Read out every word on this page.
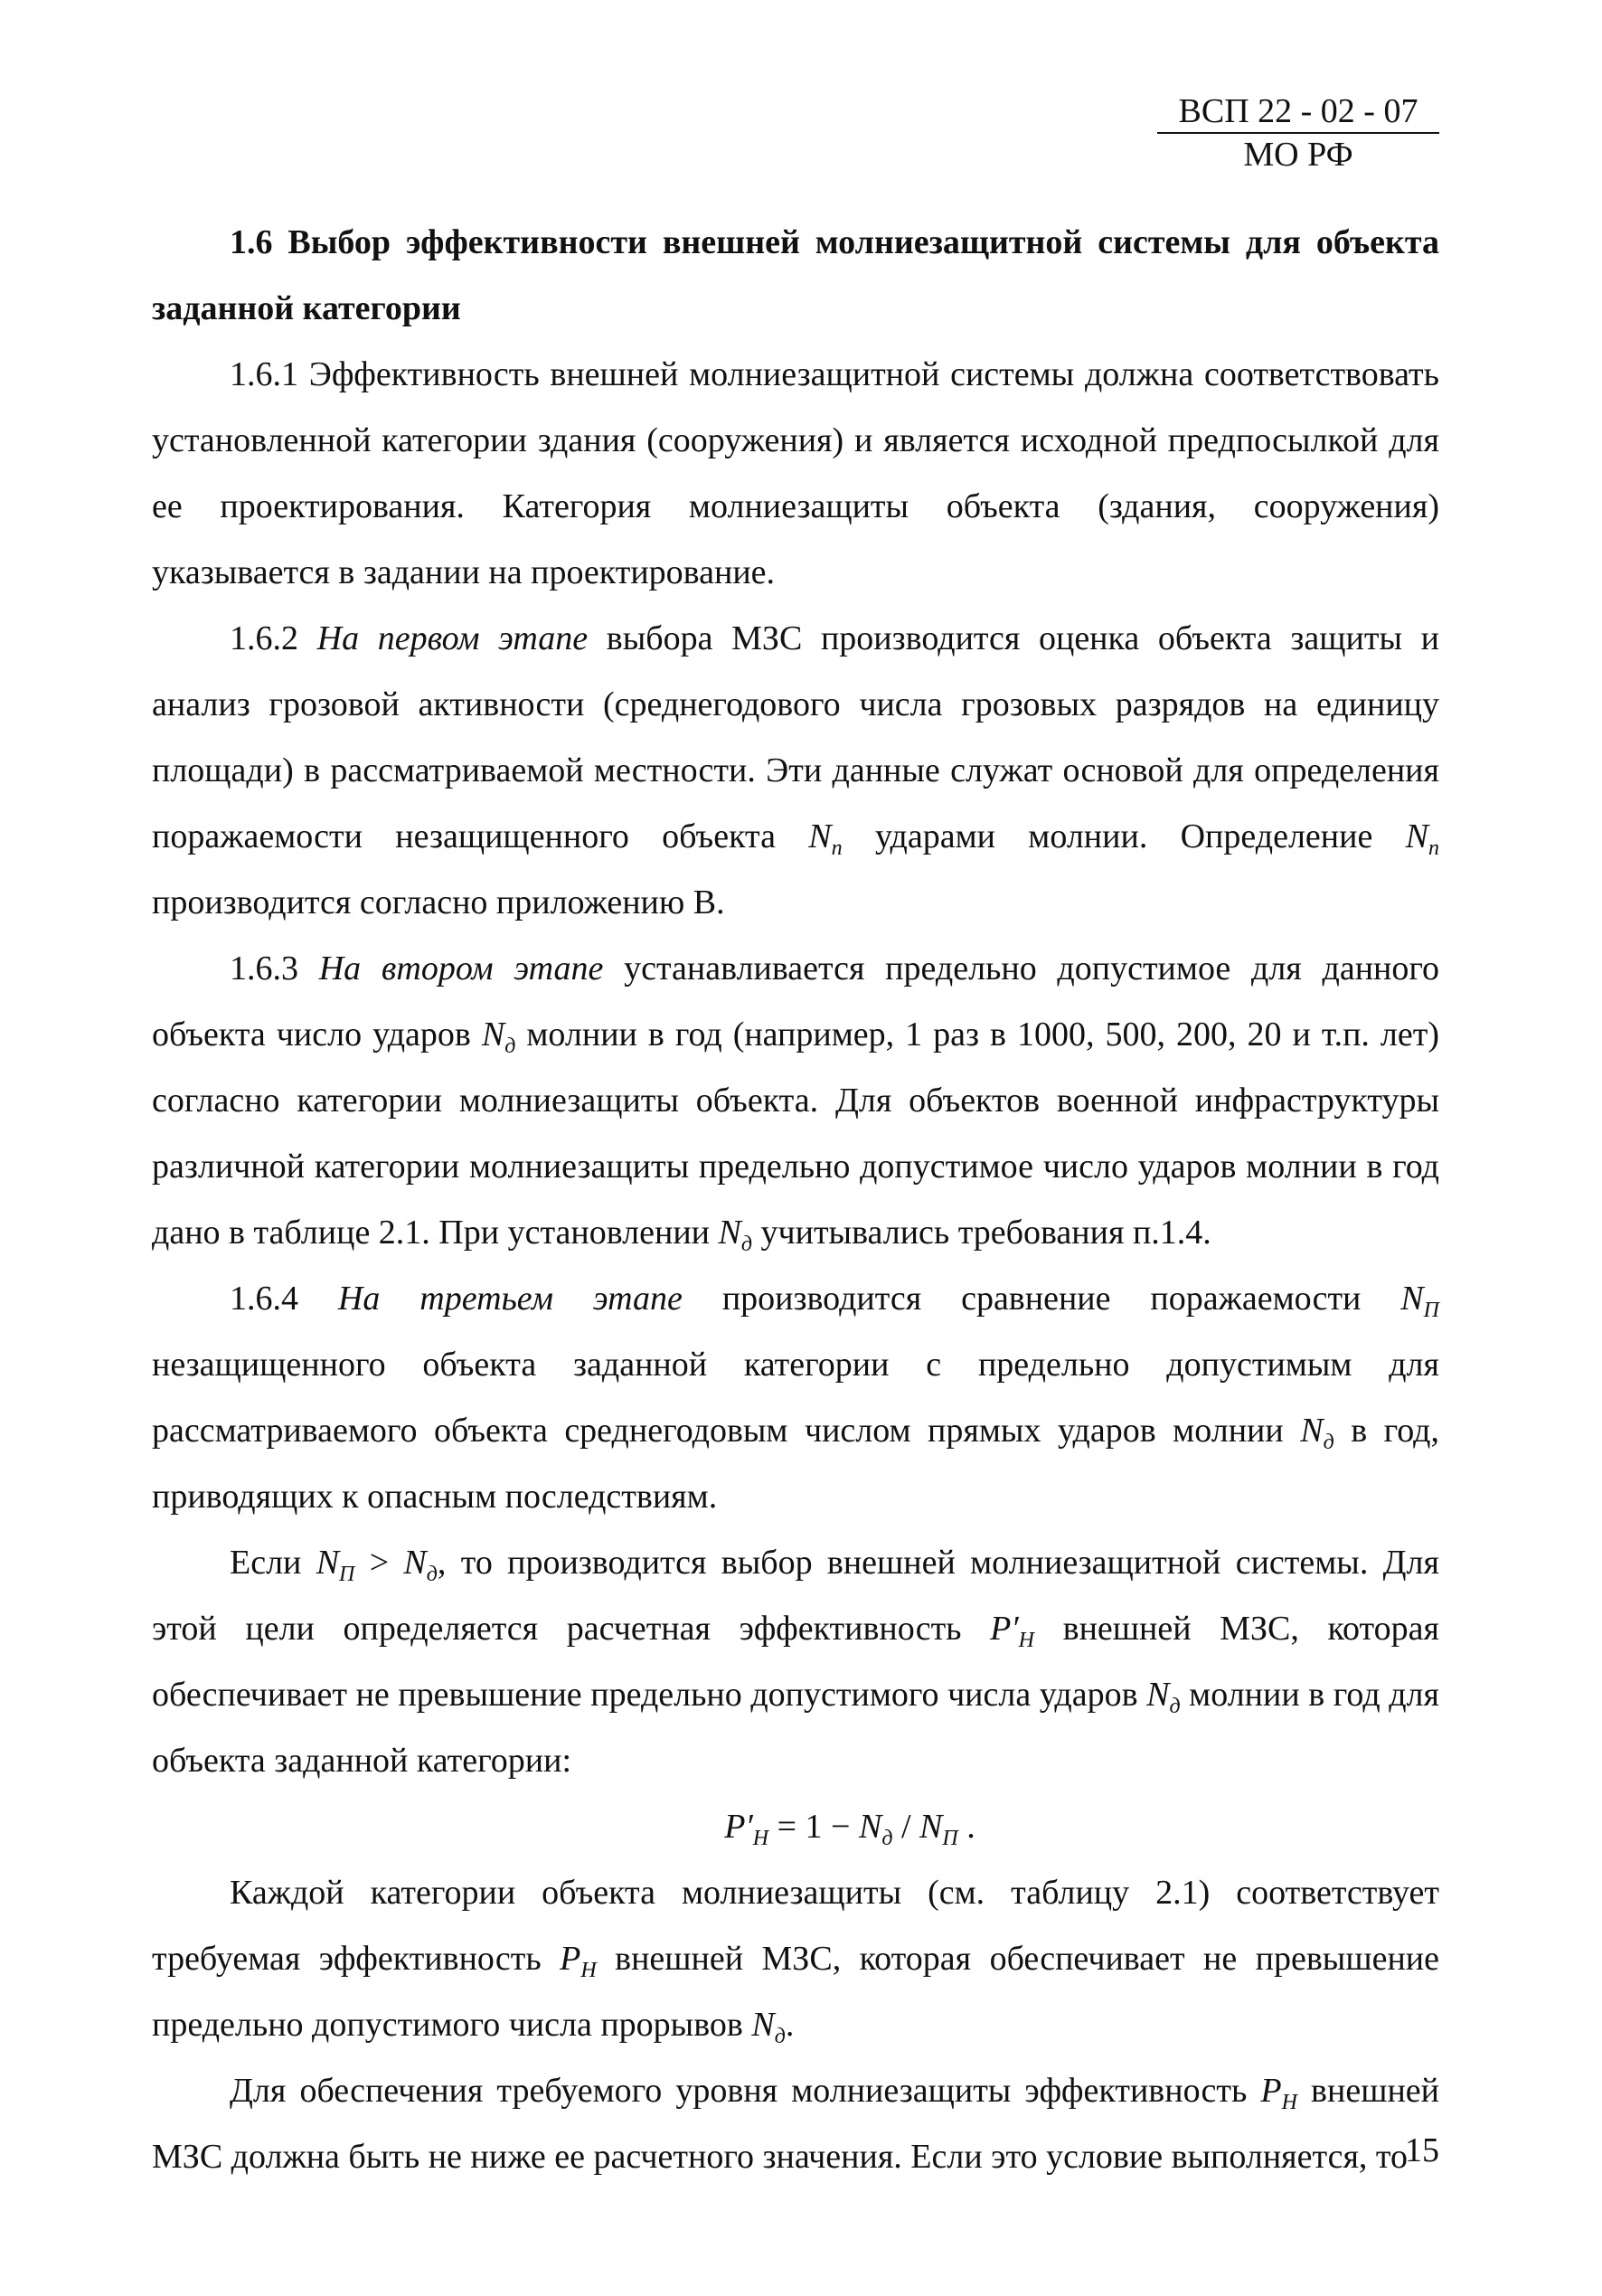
ВСП 22 - 02 - 07
МО РФ

1.6 Выбор эффективности внешней молниезащитной системы для объекта заданной категории

1.6.1 Эффективность внешней молниезащитной системы должна соответствовать установленной категории здания (сооружения) и является исходной предпосылкой для ее проектирования. Категория молниезащиты объекта (здания, сооружения) указывается в задании на проектирование.

1.6.2 На первом этапе выбора МЗС производится оценка объекта защиты и анализ грозовой активности (среднегодового числа грозовых разрядов на единицу площади) в рассматриваемой местности. Эти данные служат основой для определения поражаемости незащищенного объекта $N_п$ ударами молнии. Определение $N_п$ производится согласно приложению В.

1.6.3 На втором этапе устанавливается предельно допустимое для данного объекта число ударов $N_д$ молнии в год (например, 1 раз в 1000, 500, 200, 20 и т.п. лет) согласно категории молниезащиты объекта. Для объектов военной инфраструктуры различной категории молниезащиты предельно допустимое число ударов молнии в год дано в таблице 2.1. При установлении $N_д$ учитывались требования п.1.4.

1.6.4 На третьем этапе производится сравнение поражаемости $N_П$ незащищенного объекта заданной категории с предельно допустимым для рассматриваемого объекта среднегодовым числом прямых ударов молнии $N_д$ в год, приводящих к опасным последствиям.

Если $N_П > N_д$, то производится выбор внешней молниезащитной системы. Для этой цели определяется расчетная эффективность $P'_Н$ внешней МЗС, которая обеспечивает не превышение предельно допустимого числа ударов $N_д$ молнии в год для объекта заданной категории:

$P'_Н = 1 - N_д / N_П$ .

Каждой категории объекта молниезащиты (см. таблицу 2.1) соответствует требуемая эффективность $P_Н$ внешней МЗС, которая обеспечивает не превышение предельно допустимого числа прорывов $N_д$.

Для обеспечения требуемого уровня молниезащиты эффективность $P_Н$ внешней МЗС должна быть не ниже ее расчетного значения. Если это условие выполняется, то

15
